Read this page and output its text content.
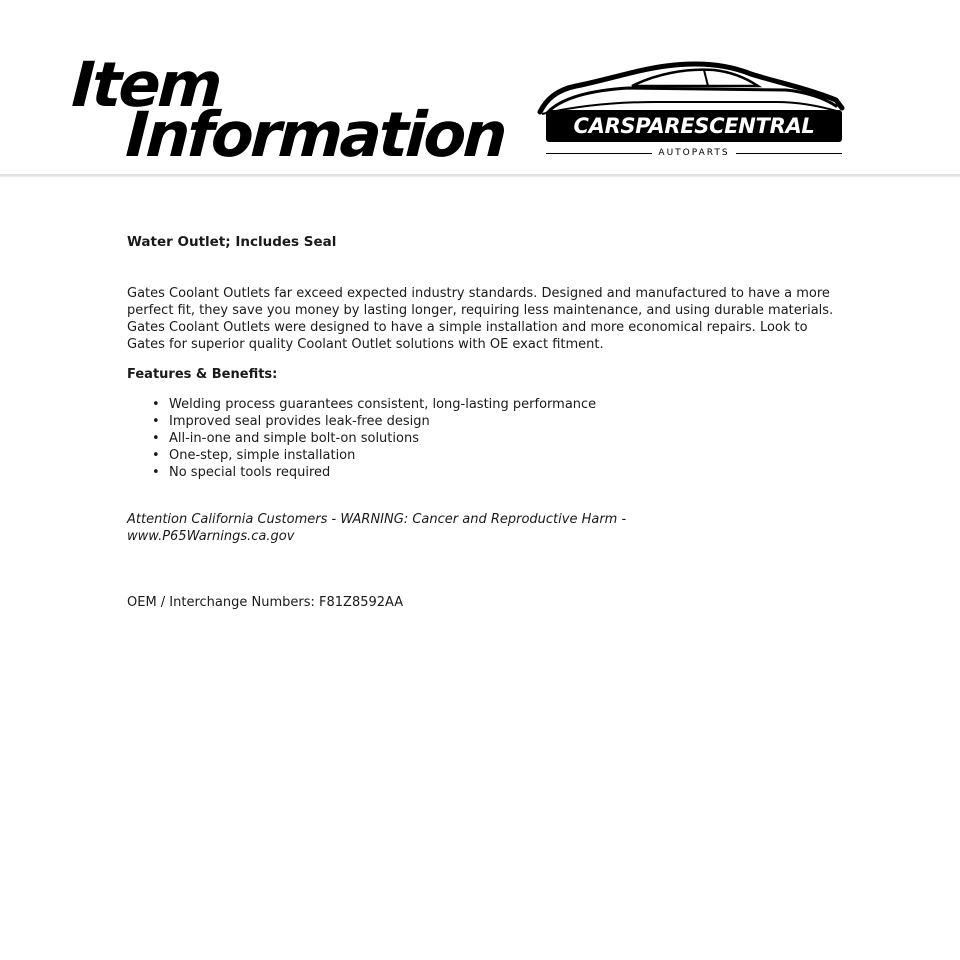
Item
Information	CARSPARESCENTRAL
AUTOPARTS

Water Outlet; Includes Seal

Gates Coolant Outlets far exceed expected industry standards. Designed and manufactured to have a more perfect fit, they save you money by lasting longer, requiring less maintenance, and using durable materials. Gates Coolant Outlets were designed to have a simple installation and more economical repairs. Look to Gates for superior quality Coolant Outlet solutions with OE exact fitment.

Features & Benefits:

• Welding process guarantees consistent, long-lasting performance
• Improved seal provides leak-free design
• All-in-one and simple bolt-on solutions
• One-step, simple installation
• No special tools required

Attention California Customers - WARNING: Cancer and Reproductive Harm - www.P65Warnings.ca.gov

OEM / Interchange Numbers: F81Z8592AA
